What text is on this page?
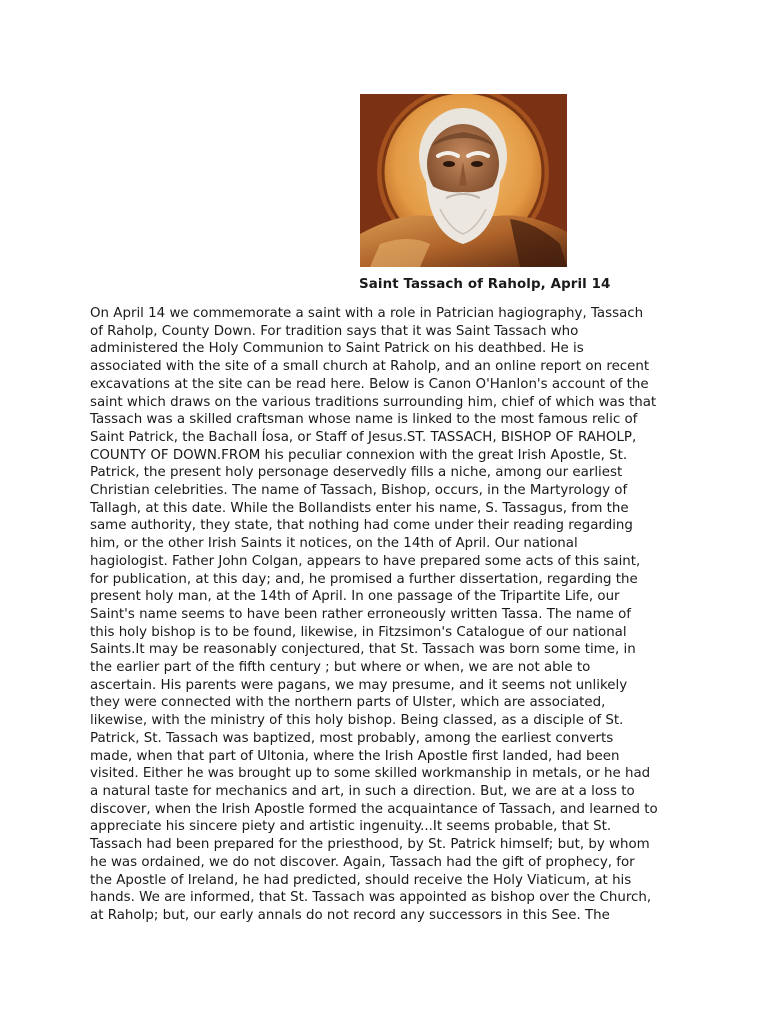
Saint Tassach of Raholp, April 14
On April 14 we commemorate a saint with a role in Patrician hagiography, Tassach
of Raholp, County Down. For tradition says that it was Saint Tassach who
administered the Holy Communion to Saint Patrick on his deathbed. He is
associated with the site of a small church at Raholp, and an online report on recent
excavations at the site can be read here. Below is Canon O'Hanlon's account of the
saint which draws on the various traditions surrounding him, chief of which was that
Tassach was a skilled craftsman whose name is linked to the most famous relic of
Saint Patrick, the Bachall Íosa, or Staff of Jesus.ST. TASSACH, BISHOP OF RAHOLP,
COUNTY OF DOWN.FROM his peculiar connexion with the great Irish Apostle, St.
Patrick, the present holy personage deservedly fills a niche, among our earliest
Christian celebrities. The name of Tassach, Bishop, occurs, in the Martyrology of
Tallagh, at this date. While the Bollandists enter his name, S. Tassagus, from the
same authority, they state, that nothing had come under their reading regarding
him, or the other Irish Saints it notices, on the 14th of April. Our national
hagiologist. Father John Colgan, appears to have prepared some acts of this saint,
for publication, at this day; and, he promised a further dissertation, regarding the
present holy man, at the 14th of April. In one passage of the Tripartite Life, our
Saint's name seems to have been rather erroneously written Tassa. The name of
this holy bishop is to be found, likewise, in Fitzsimon's Catalogue of our national
Saints.It may be reasonably conjectured, that St. Tassach was born some time, in
the earlier part of the fifth century ; but where or when, we are not able to
ascertain. His parents were pagans, we may presume, and it seems not unlikely
they were connected with the northern parts of Ulster, which are associated,
likewise, with the ministry of this holy bishop. Being classed, as a disciple of St.
Patrick, St. Tassach was baptized, most probably, among the earliest converts
made, when that part of Ultonia, where the Irish Apostle first landed, had been
visited. Either he was brought up to some skilled workmanship in metals, or he had
a natural taste for mechanics and art, in such a direction. But, we are at a loss to
discover, when the Irish Apostle formed the acquaintance of Tassach, and learned to
appreciate his sincere piety and artistic ingenuity...It seems probable, that St.
Tassach had been prepared for the priesthood, by St. Patrick himself; but, by whom
he was ordained, we do not discover. Again, Tassach had the gift of prophecy, for
the Apostle of Ireland, he had predicted, should receive the Holy Viaticum, at his
hands. We are informed, that St. Tassach was appointed as bishop over the Church,
at Raholp; but, our early annals do not record any successors in this See. The
